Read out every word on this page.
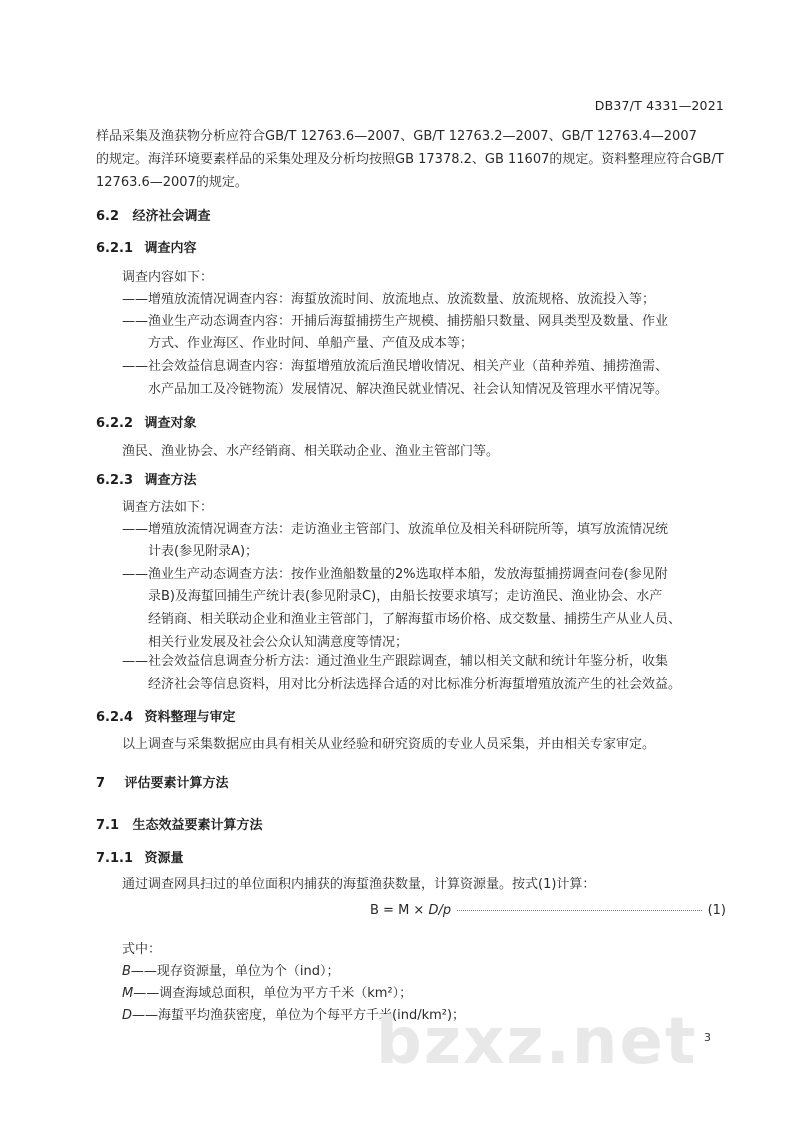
DB37/T 4331—2021
样品采集及渔获物分析应符合GB/T 12763.6—2007、GB/T 12763.2—2007、GB/T 12763.4—2007
的规定。海洋环境要素样品的采集处理及分析均按照GB 17378.2、GB 11607的规定。资料整理应符合GB/T
12763.6—2007的规定。
6.2 经济社会调查
6.2.1 调查内容
调查内容如下：
——增殖放流情况调查内容：海蜇放流时间、放流地点、放流数量、放流规格、放流投入等；
——渔业生产动态调查内容：开捕后海蜇捕捞生产规模、捕捞船只数量、网具类型及数量、作业
方式、作业海区、作业时间、单船产量、产值及成本等；
——社会效益信息调查内容：海蜇增殖放流后渔民增收情况、相关产业（苗种养殖、捕捞渔需、
水产品加工及冷链物流）发展情况、解决渔民就业情况、社会认知情况及管理水平情况等。
6.2.2 调查对象
渔民、渔业协会、水产经销商、相关联动企业、渔业主管部门等。
6.2.3 调查方法
调查方法如下：
——增殖放流情况调查方法：走访渔业主管部门、放流单位及相关科研院所等，填写放流情况统
计表(参见附录A)；
——渔业生产动态调查方法：按作业渔船数量的2%选取样本船，发放海蜇捕捞调查问卷(参见附
录B)及海蜇回捕生产统计表(参见附录C)，由船长按要求填写；走访渔民、渔业协会、水产
经销商、相关联动企业和渔业主管部门，了解海蜇市场价格、成交数量、捕捞生产从业人员、
相关行业发展及社会公众认知满意度等情况；
——社会效益信息调查分析方法：通过渔业生产跟踪调查，辅以相关文献和统计年鉴分析，收集
经济社会等信息资料，用对比分析法选择合适的对比标准分析海蜇增殖放流产生的社会效益。
6.2.4 资料整理与审定
以上调查与采集数据应由具有相关从业经验和研究资质的专业人员采集，并由相关专家审定。
7 评估要素计算方法
7.1 生态效益要素计算方法
7.1.1 资源量
通过调查网具扫过的单位面积内捕获的海蜇渔获数量，计算资源量。按式(1)计算：
B = M × D/p	(1)
式中：
B——现存资源量，单位为个（ind）；
M——调查海域总面积，单位为平方千米（km²）；
D——海蜇平均渔获密度，单位为个每平方千米(ind/km²)；
bzxz.net 3
